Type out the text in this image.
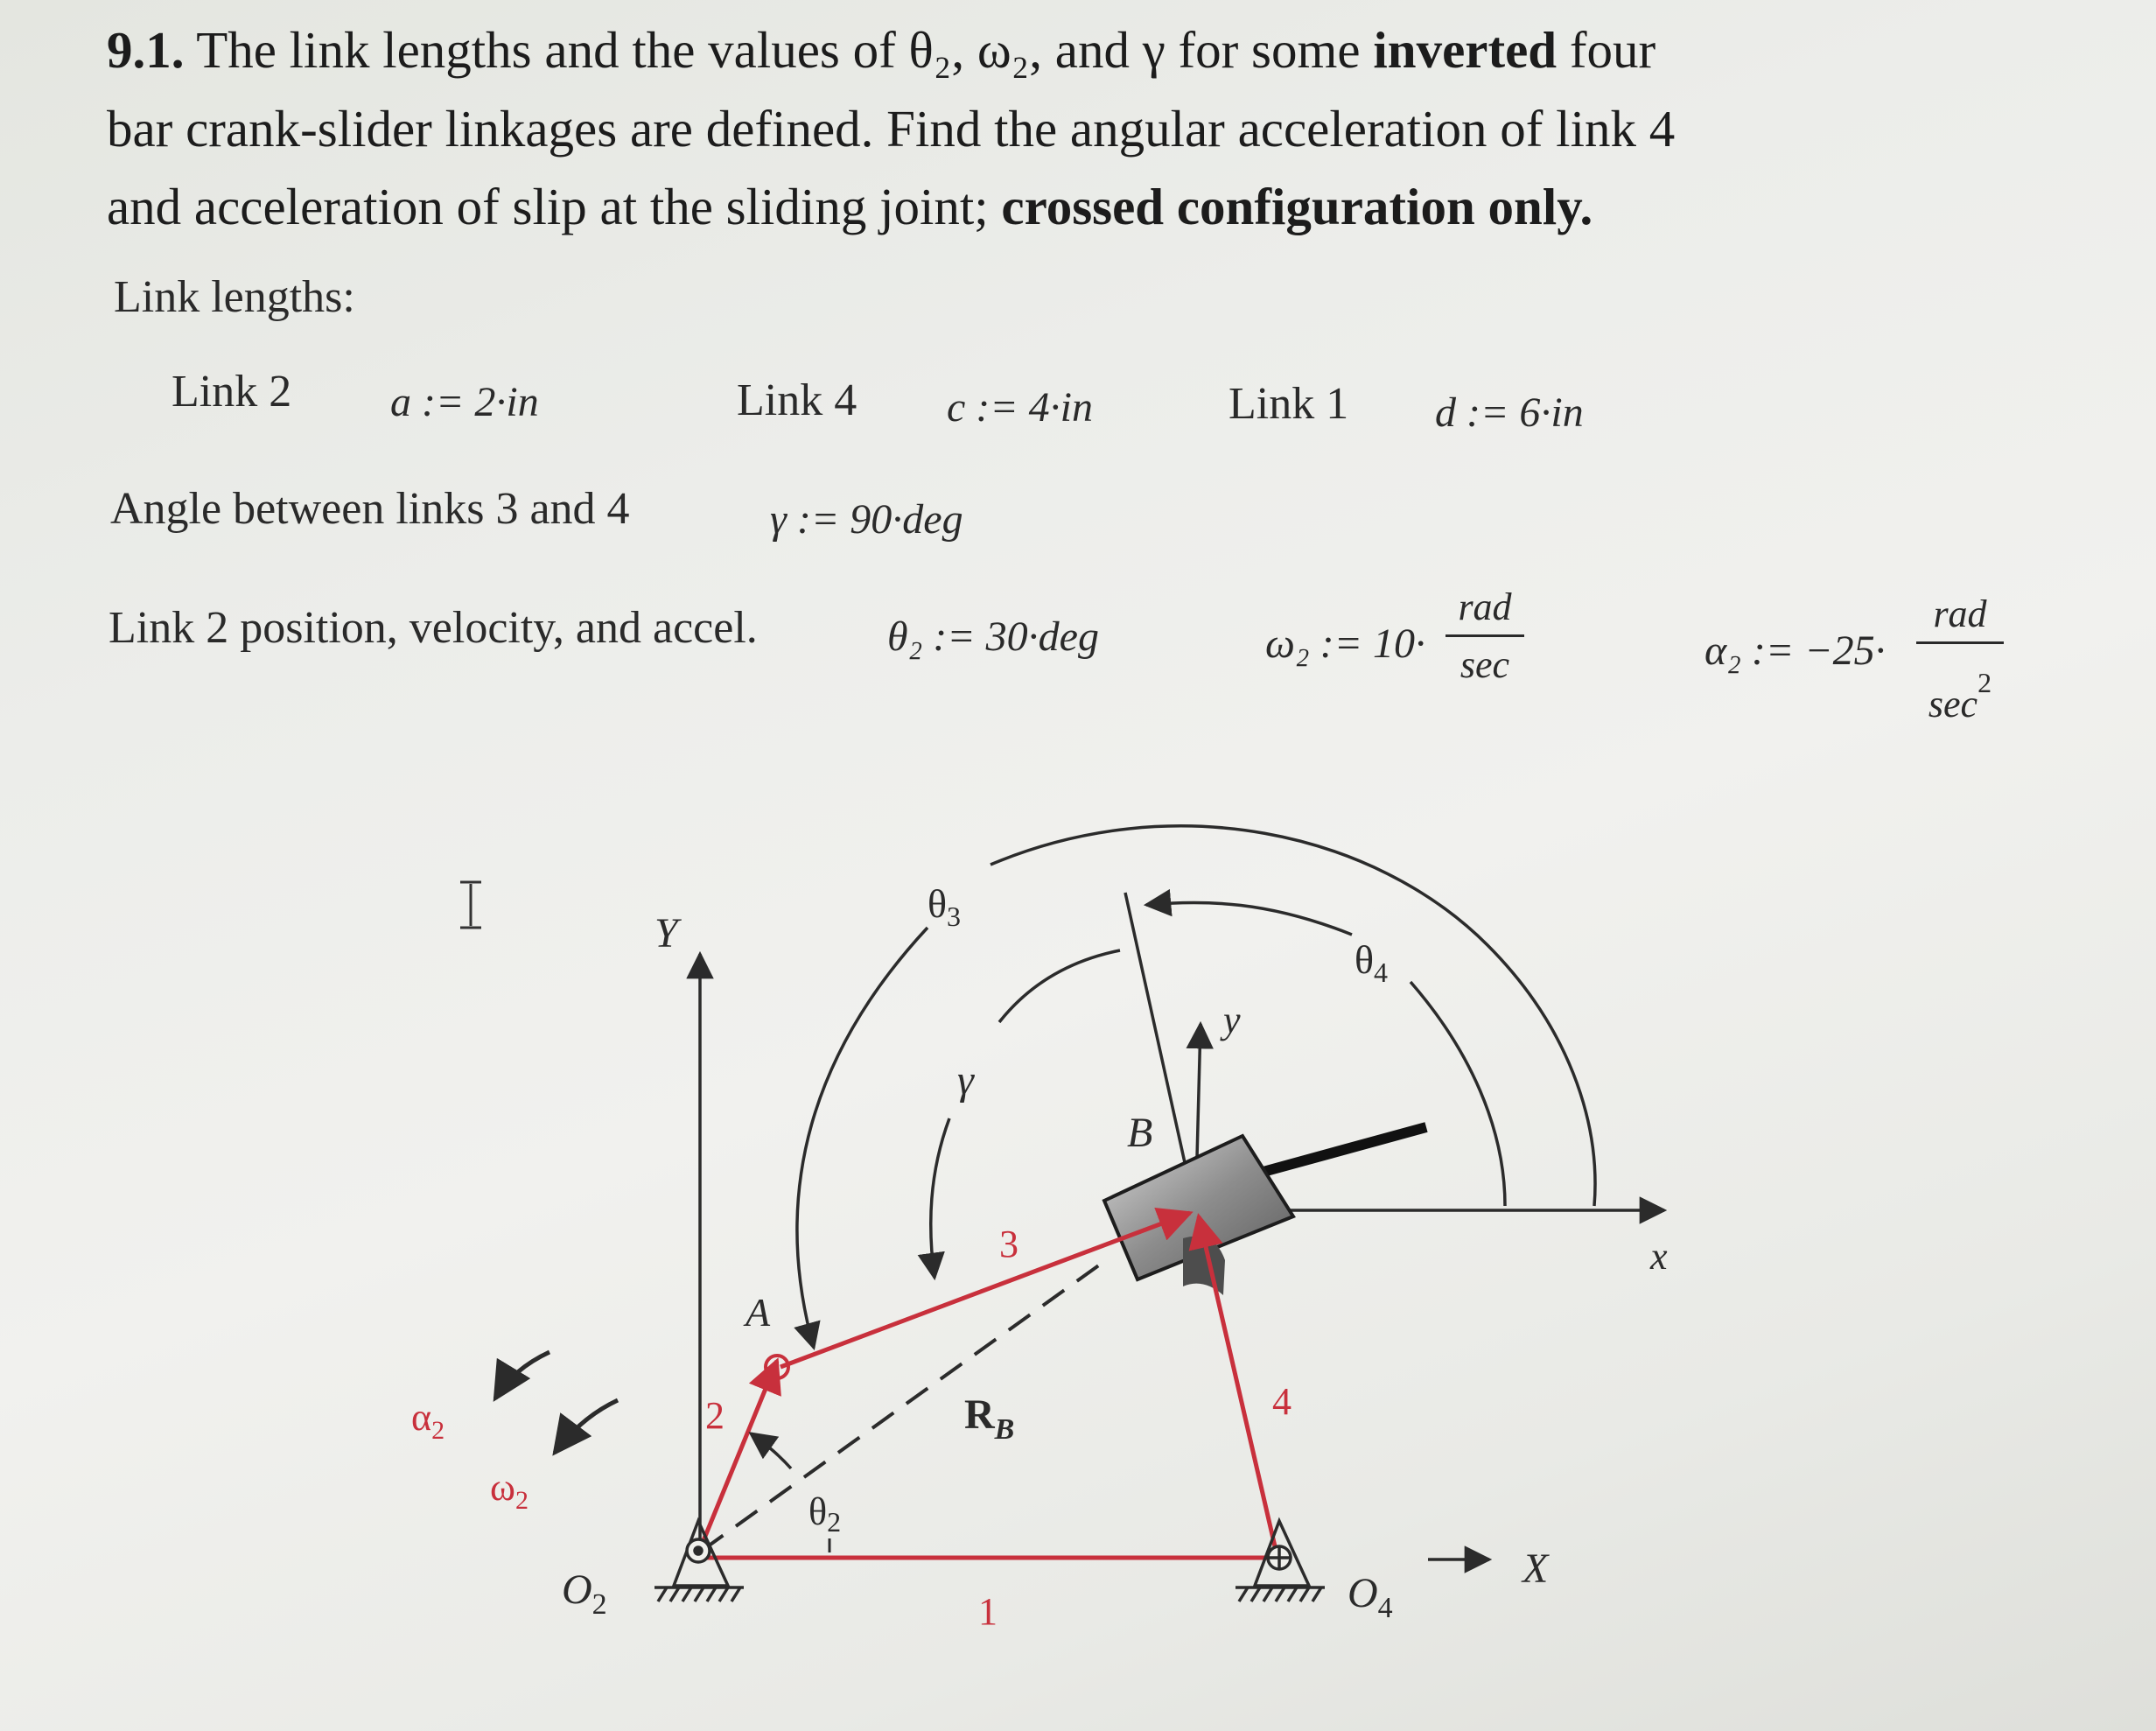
9.1. The link lengths and the values of θ₂, ω₂, and γ for some inverted four
bar crank-slider linkages are defined. Find the angular acceleration of link 4
and acceleration of slip at the sliding joint; crossed configuration only.
Link lengths:
Link 2 a := 2·in	Link 4 c := 4·in	Link 1 d := 6·in
Angle between links 3 and 4	γ := 90·deg
Link 2 position, velocity, and accel.	θ₂ := 30·deg	ω₂ := 10·
rad
sec	α₂ := −25·
rad
$\sec^2$
Y
X
x
y
$\theta_3$
$\theta_4$
γ
B
A
$R_B$
3
2	4
1
θ2
$\alpha_2$
$\omega_2$
$O_2$	$O_4$
